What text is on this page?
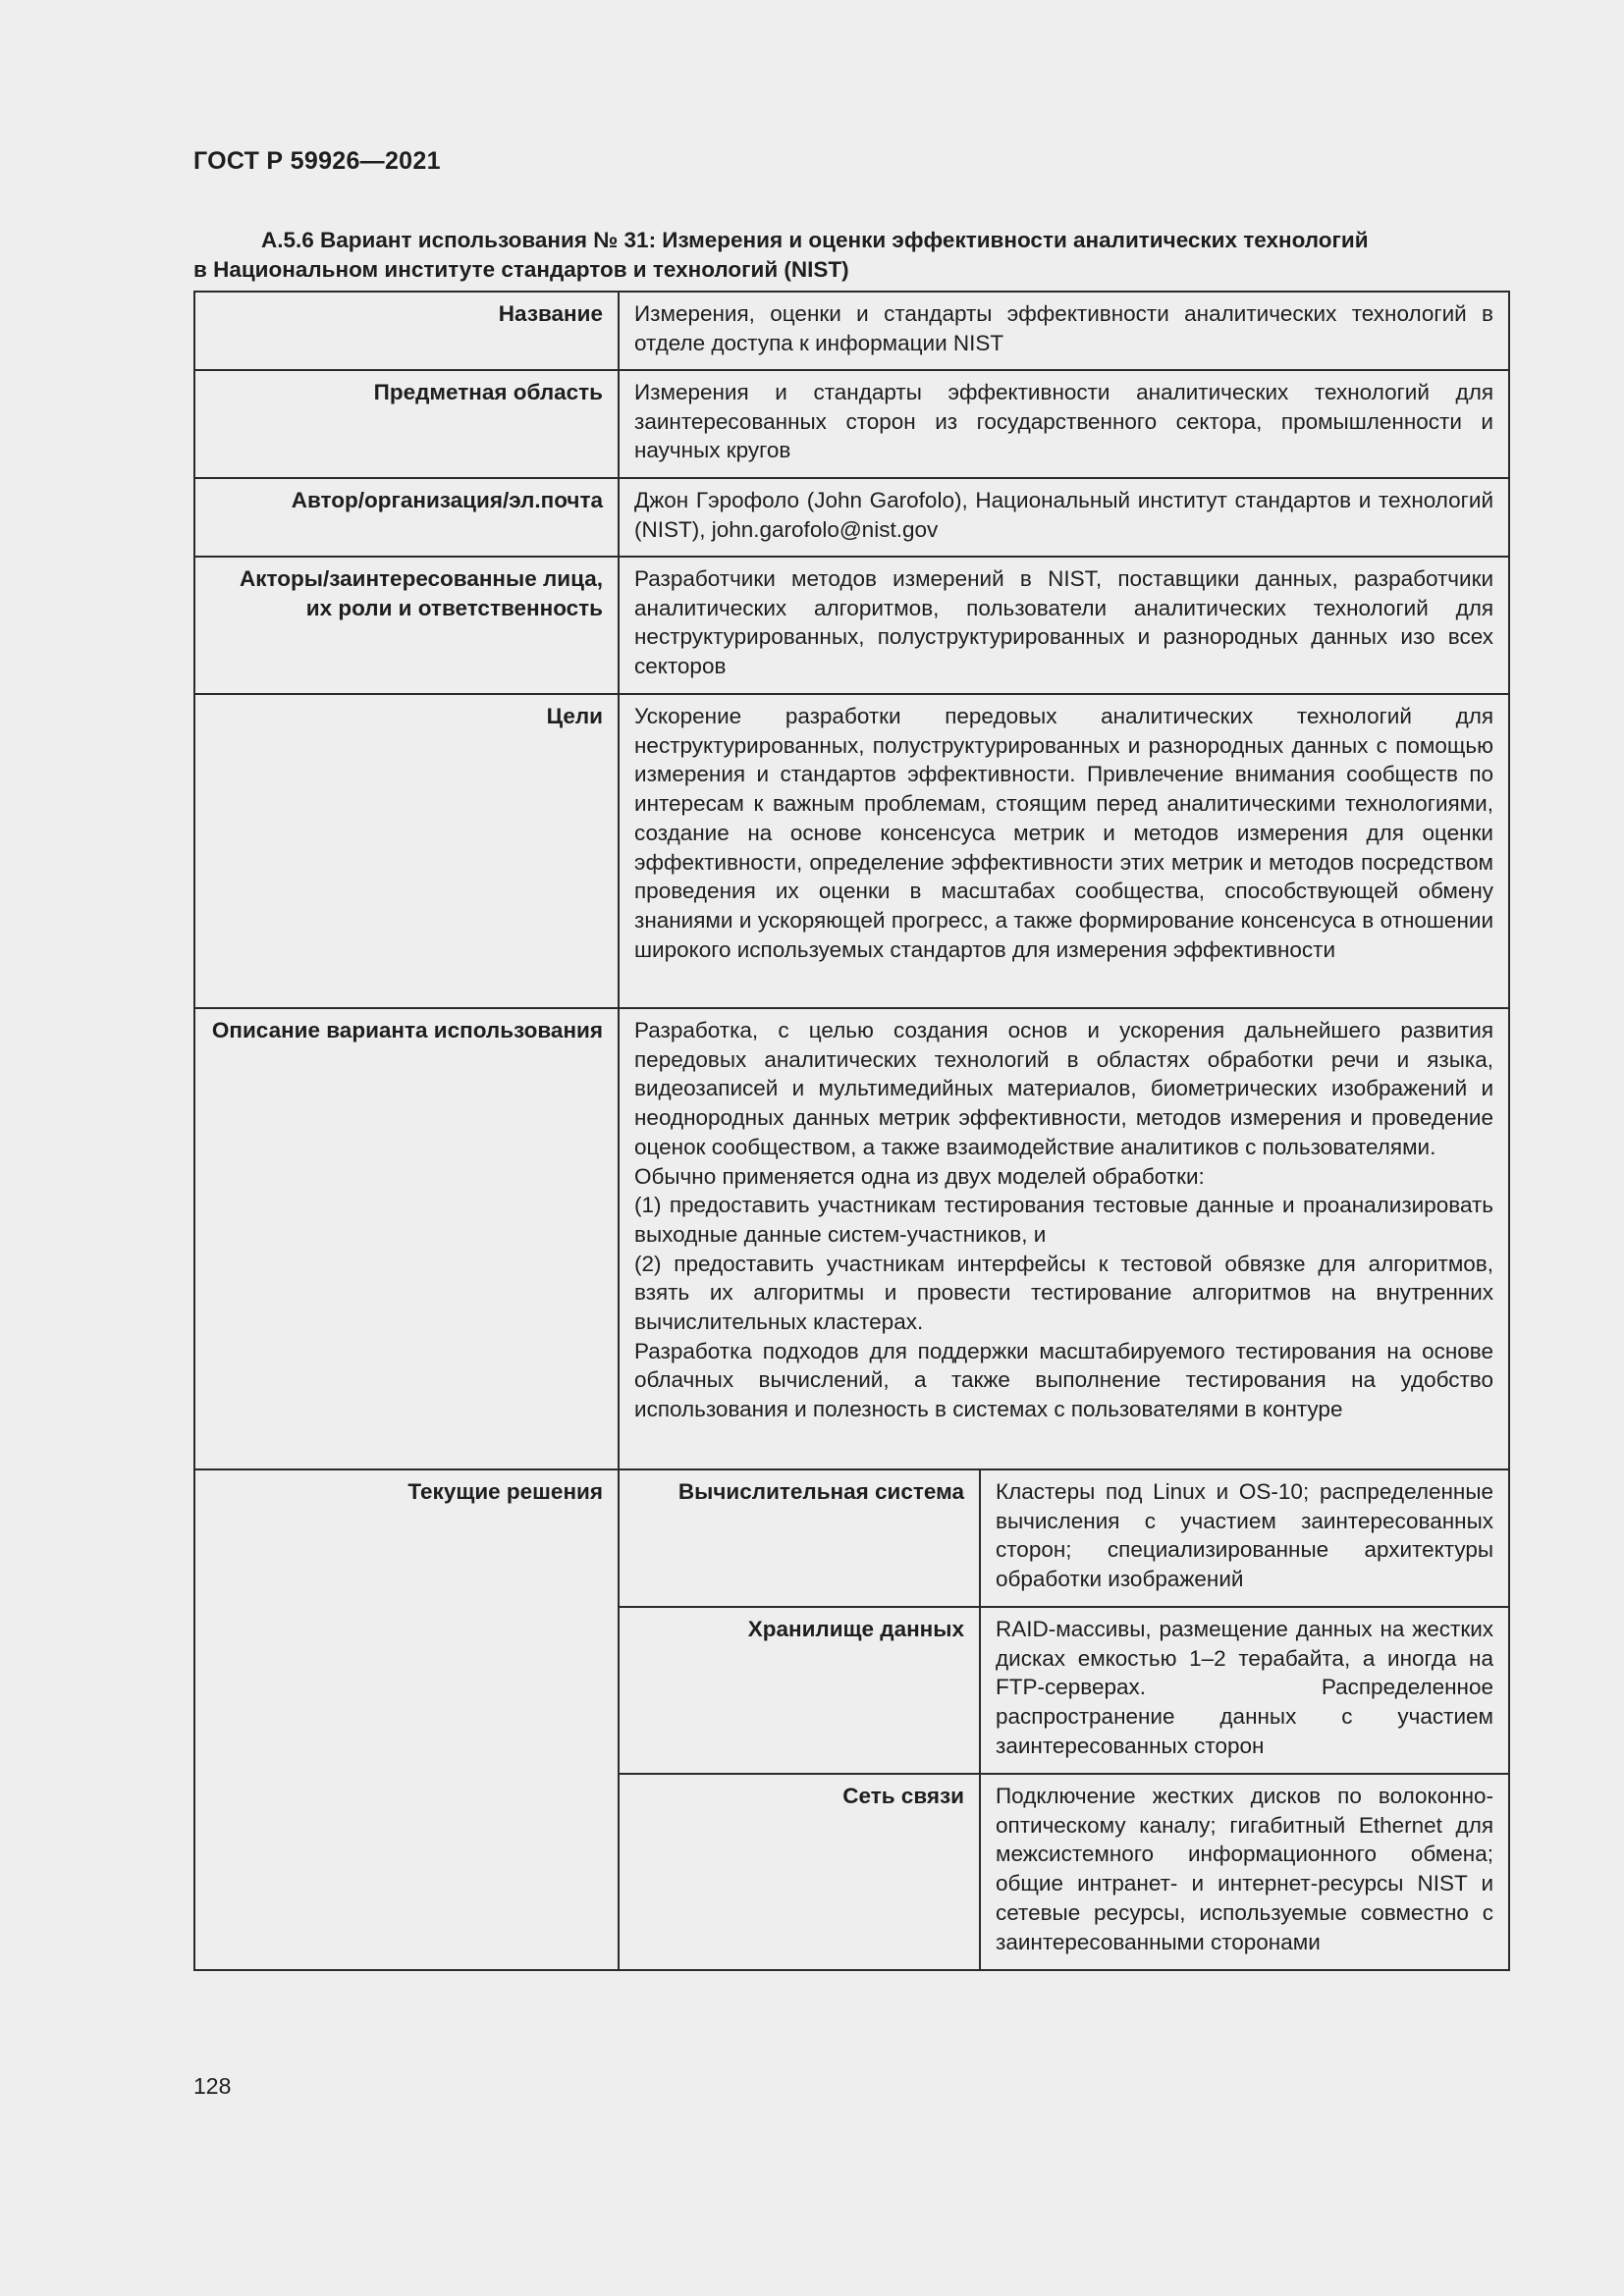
ГОСТ Р 59926—2021
А.5.6 Вариант использования № 31: Измерения и оценки эффективности аналитических технологий
в Национальном институте стандартов и технологий (NIST)
Название	Измерения, оценки и стандарты эффективности аналитических технологий в отделе доступа к информации NIST	
Предметная область	Измерения и стандарты эффективности аналитических технологий для заинтересованных сторон из государственного сектора, промышленности и научных кругов	
Автор/организация/эл.почта	Джон Гэрофоло (John Garofolo), Национальный институт стандартов и технологий (NIST), john.garofolo@nist.gov	
Акторы/заинтересованные лица, их роли и ответственность	Разработчики методов измерений в NIST, поставщики данных, разработчики аналитических алгоритмов, пользователи аналитических технологий для неструктурированных, полуструктурированных и разнородных данных изо всех секторов	
Цели	Ускорение разработки передовых аналитических технологий для неструктурированных, полуструктурированных и разнородных данных с помощью измерения и стандартов эффективности. Привлечение внимания сообществ по интересам к важным проблемам, стоящим перед аналитическими технологиями, создание на основе консенсуса метрик и методов измерения для оценки эффективности, определение эффективности этих метрик и методов посредством проведения их оценки в масштабах сообщества, способствующей обмену знаниями и ускоряющей прогресс, а также формирование консенсуса в отношении широкого используемых стандартов для измерения эффективности	
Описание варианта использования	Разработка, с целью создания основ и ускорения дальнейшего развития передовых аналитических технологий в областях обработки речи и языка, видеозаписей и мультимедийных материалов, биометрических изображений и неоднородных данных метрик эффективности, методов измерения и проведение оценок сообществом, а также взаимодействие аналитиков с пользователями.
Обычно применяется одна из двух моделей обработки:
(1) предоставить участникам тестирования тестовые данные и проанализировать выходные данные систем-участников, и
(2) предоставить участникам интерфейсы к тестовой обвязке для алгоритмов, взять их алгоритмы и провести тестирование алгоритмов на внутренних вычислительных кластерах.
Разработка подходов для поддержки масштабируемого тестирования на основе облачных вычислений, а также выполнение тестирования на удобство использования и полезность в системах с пользователями в контуре	

Текущие решения	Вычислительная система	Кластеры под Linux и OS-10; распределенные вычисления с участием заинтересованных сторон; специализированные архитектуры обработки изображений
	Хранилище данных	RAID-массивы, размещение данных на жестких дисках емкостью 1–2 терабайта, а иногда на FTP-серверах. Распределенное распространение данных с участием заинтересованных сторон
	Сеть связи	Подключение жестких дисков по волоконно-оптическому каналу; гигабитный Ethernet для межсистемного информационного обмена; общие интранет- и интернет-ресурсы NIST и сетевые ресурсы, используемые совместно с заинтересованными сторонами
128
